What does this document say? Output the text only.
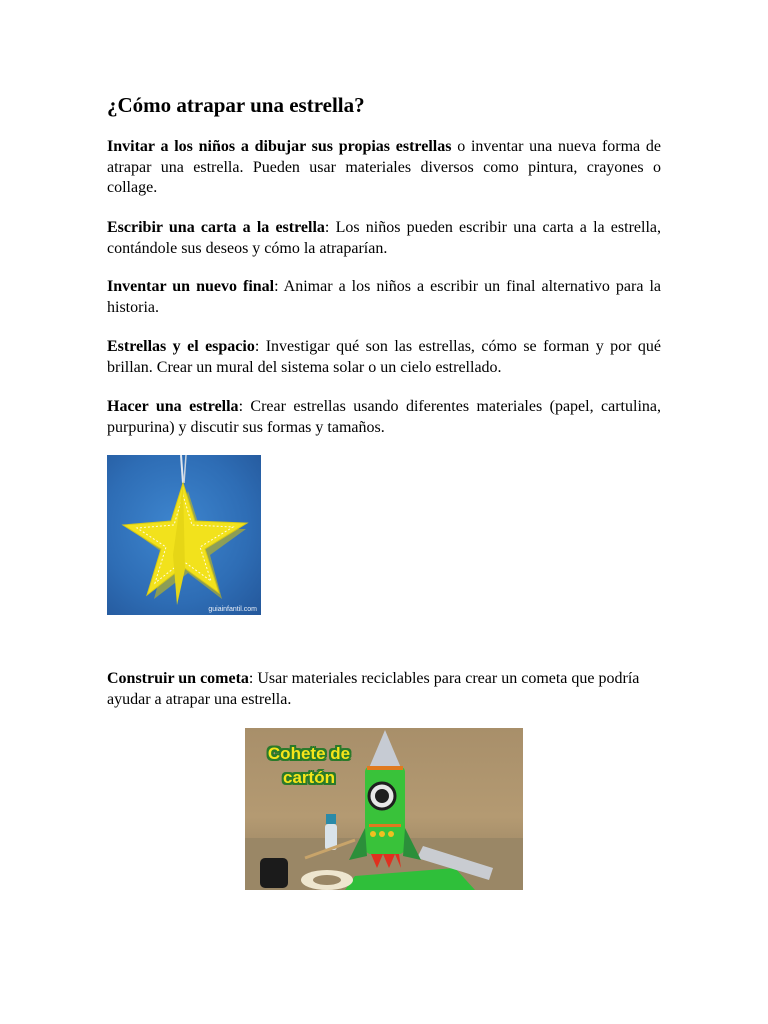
¿Cómo atrapar una estrella?

Invitar a los niños a dibujar sus propias estrellas o inventar una nueva forma de atrapar una estrella. Pueden usar materiales diversos como pintura, crayones o collage.

Escribir una carta a la estrella: Los niños pueden escribir una carta a la estrella, contándole sus deseos y cómo la atraparían.

Inventar un nuevo final: Animar a los niños a escribir un final alternativo para la historia.

Estrellas y el espacio: Investigar qué son las estrellas, cómo se forman y por qué brillan. Crear un mural del sistema solar o un cielo estrellado.

Hacer una estrella: Crear estrellas usando diferentes materiales (papel, cartulina, purpurina) y discutir sus formas y tamaños.

guiainfantil.com

Construir un cometa: Usar materiales reciclables para crear un cometa que podría ayudar a atrapar una estrella.

Cohete de
cartón
